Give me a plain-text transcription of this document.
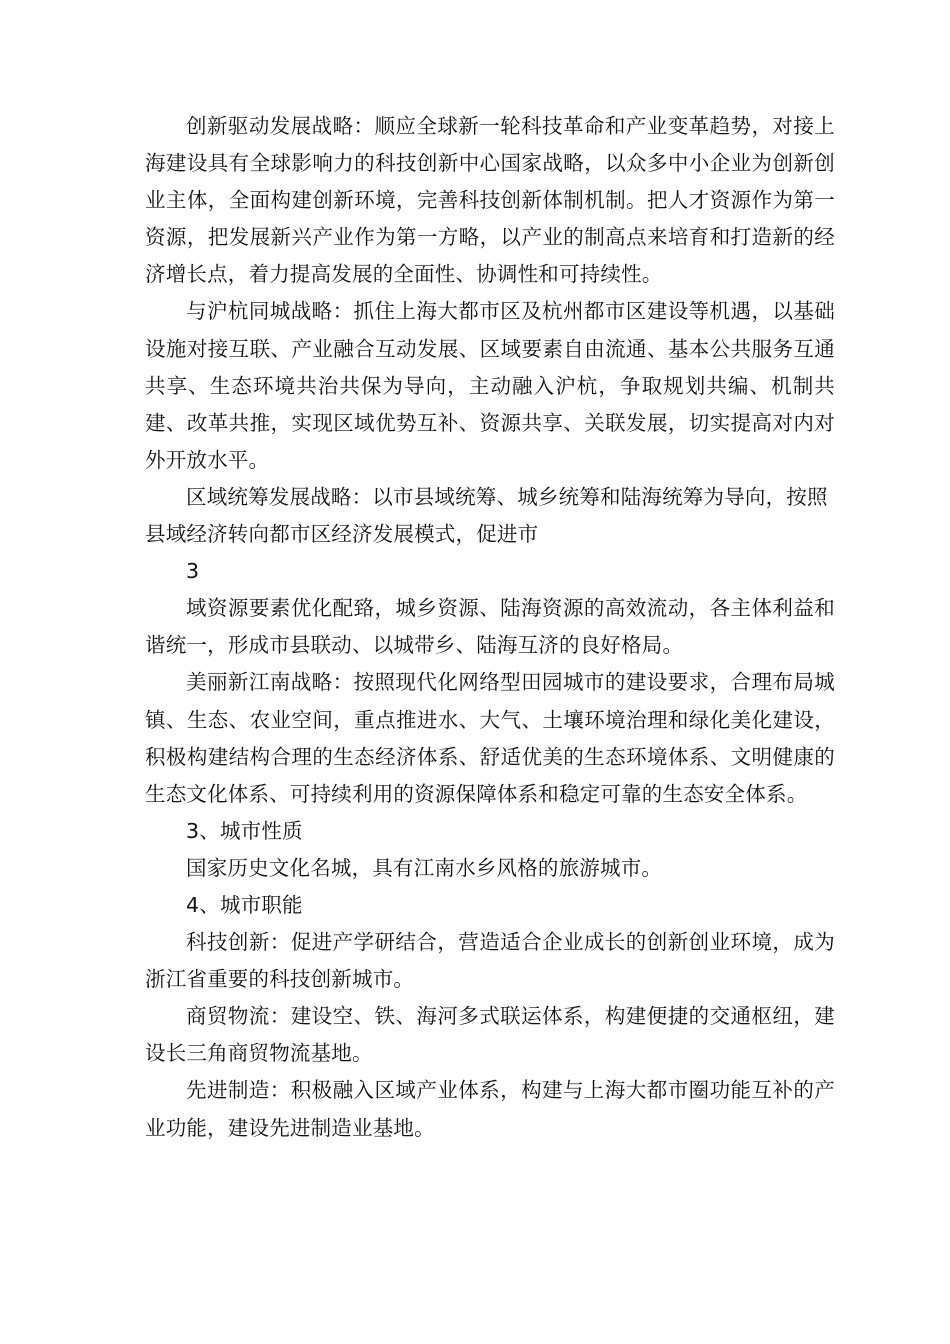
创新驱动发展战略：顺应全球新一轮科技革命和产业变革趋势，对接上海建设具有全球影响力的科技创新中心国家战略，以众多中小企业为创新创业主体，全面构建创新环境，完善科技创新体制机制。把人才资源作为第一资源，把发展新兴产业作为第一方略，以产业的制高点来培育和打造新的经济增长点，着力提高发展的全面性、协调性和可持续性。

与沪杭同城战略：抓住上海大都市区及杭州都市区建设等机遇，以基础设施对接互联、产业融合互动发展、区域要素自由流通、基本公共服务互通共享、生态环境共治共保为导向，主动融入沪杭，争取规划共编、机制共建、改革共推，实现区域优势互补、资源共享、关联发展，切实提高对内对外开放水平。

区域统筹发展战略：以市县域统筹、城乡统筹和陆海统筹为导向，按照县域经济转向都市区经济发展模式，促进市

3

域资源要素优化配臵，城乡资源、陆海资源的高效流动，各主体利益和谐统一，形成市县联动、以城带乡、陆海互济的良好格局。

美丽新江南战略：按照现代化网络型田园城市的建设要求，合理布局城镇、生态、农业空间，重点推进水、大气、土壤环境治理和绿化美化建设，积极构建结构合理的生态经济体系、舒适优美的生态环境体系、文明健康的生态文化体系、可持续利用的资源保障体系和稳定可靠的生态安全体系。

3、城市性质

国家历史文化名城，具有江南水乡风格的旅游城市。

4、城市职能

科技创新：促进产学研结合，营造适合企业成长的创新创业环境，成为浙江省重要的科技创新城市。

商贸物流：建设空、铁、海河多式联运体系，构建便捷的交通枢纽，建设长三角商贸物流基地。

先进制造：积极融入区域产业体系，构建与上海大都市圈功能互补的产业功能，建设先进制造业基地。
